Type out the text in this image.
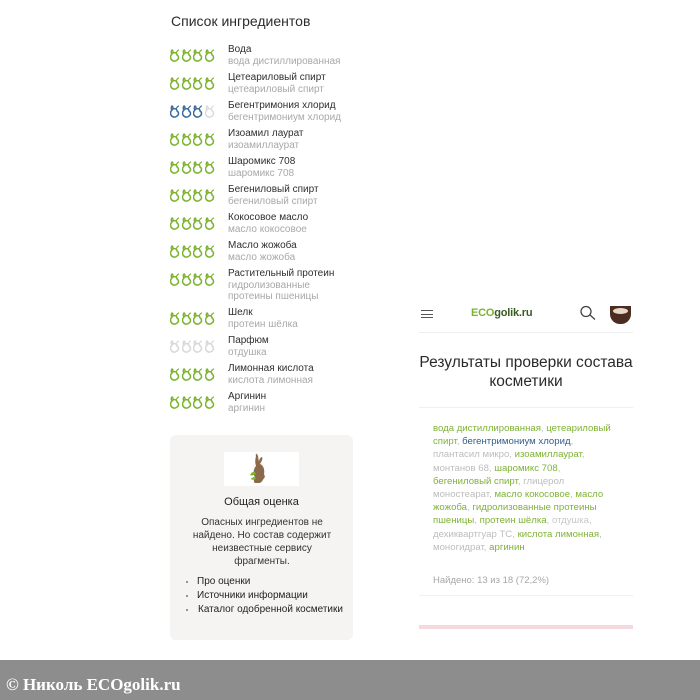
Список ингредиентов
Вода
вода дистиллированная
Цетеариловый спирт
цетеариловый спирт
Бегентримония хлорид
бегентримониум хлорид
Изоамил лаурат
изоамиллаурат
Шаромикс 708
шаромикс 708
Бегениловый спирт
бегениловый спирт
Кокосовое масло
масло кокосовое
Масло жожоба
масло жожоба
Растительный протеин
гидролизованные протеины пшеницы
Шелк
протеин шёлка
Парфюм
отдушка
Лимонная кислота
кислота лимонная
Аргинин
аргинин
Общая оценка
Опасных ингредиентов не найдено. Но состав содержит неизвестные сервису фрагменты.
Про оценки
Источники информации
Каталог одобренной косметики
ECOgolik.ru
Результаты проверки состава косметики
вода дистиллированная, цетеариловый спирт, бегентримониум хлорид, плантасил микро, изоамиллаурат, монтанов 68, шаромикс 708, бегениловый спирт, глицерол моностеарат, масло кокосовое, масло жожоба, гидролизованные протеины пшеницы, протеин шёлка, отдушка, дехиквартгуар ТС, кислота лимонная, моногидрат, аргинин
Найдено: 13 из 18 (72,2%)
© Николь ECOgolik.ru
